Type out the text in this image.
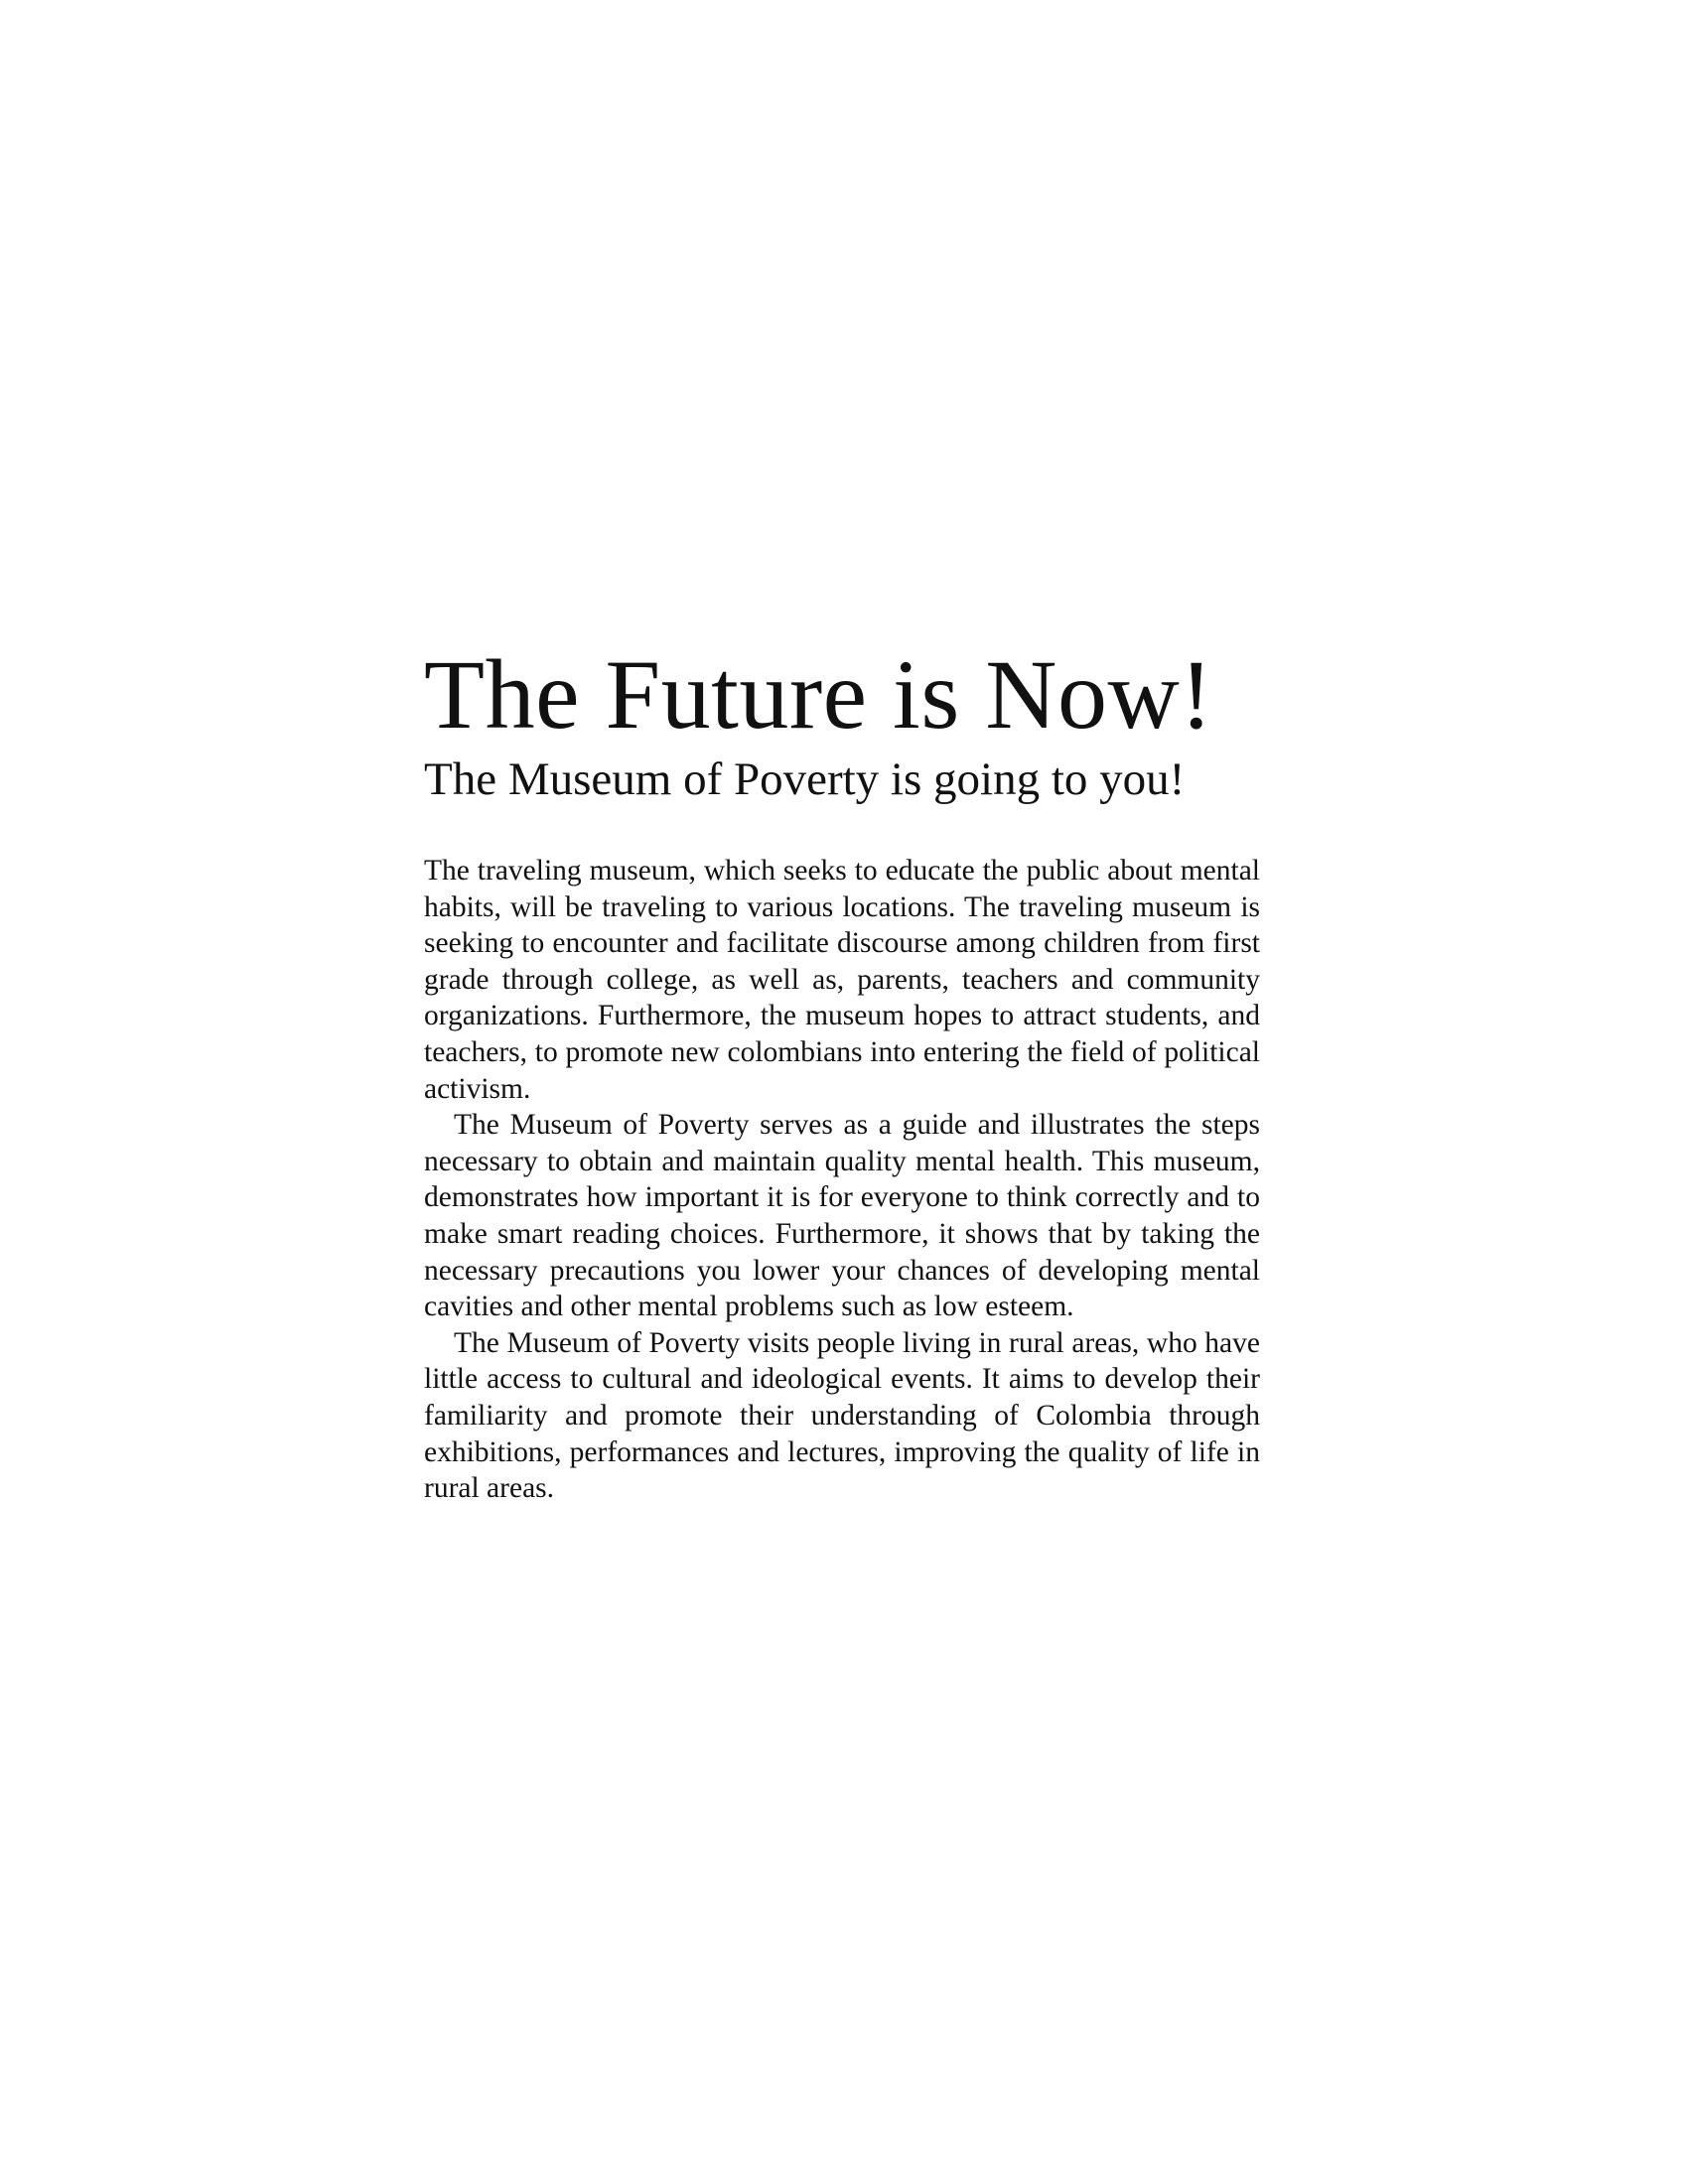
The Future is Now!
The Museum of Poverty is going to you!

The traveling museum, which seeks to educate the public about mental habits, will be traveling to various locations. The traveling museum is seeking to encounter and facilitate discourse among children from first grade through college, as well as, parents, teachers and community organizations. Furthermore, the museum hopes to attract students, and teachers, to promote new colombians into entering the field of political activism.

The Museum of Poverty serves as a guide and illustrates the steps necessary to obtain and maintain quality mental health. This museum, demonstrates how important it is for everyone to think correctly and to make smart reading choices. Furthermore, it shows that by taking the necessary precautions you lower your chances of developing mental cavities and other mental problems such as low esteem.

The Museum of Poverty visits people living in rural areas, who have little access to cultural and ideological events. It aims to develop their familiarity and promote their understanding of Colombia through exhibitions, performances and lectures, improving the quality of life in rural areas.
